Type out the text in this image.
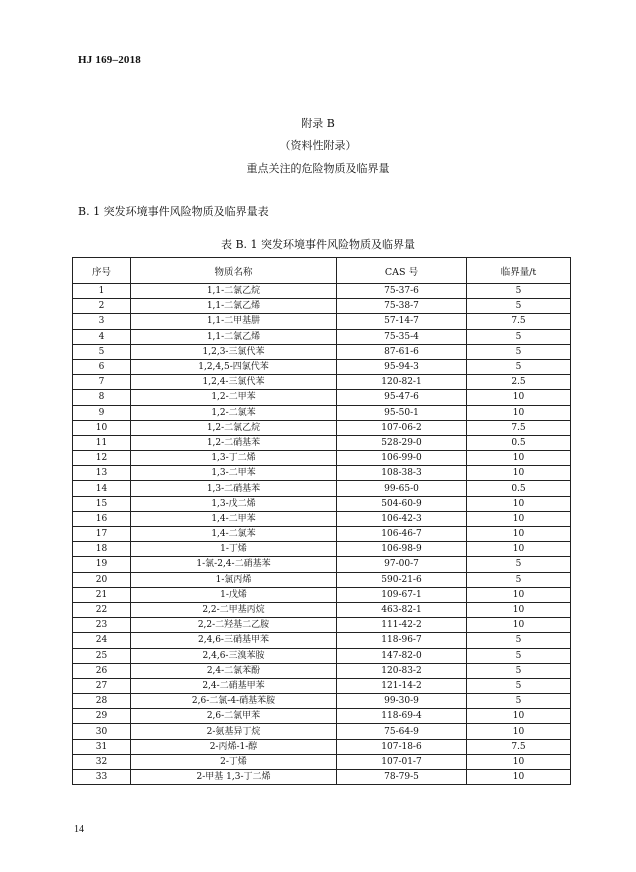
HJ 169–2018
附录 B
（资料性附录）
重点关注的危险物质及临界量
B. 1 突发环境事件风险物质及临界量表
表 B. 1 突发环境事件风险物质及临界量
序号	物质名称	CAS 号	临界量/t
1	1,1-二氯乙烷	75-37-6	5
2	1,1-二氯乙烯	75-38-7	5
3	1,1-二甲基肼	57-14-7	7.5
4	1,1-二氯乙烯	75-35-4	5
5	1,2,3-三氯代苯	87-61-6	5
6	1,2,4,5-四氯代苯	95-94-3	5
7	1,2,4-三氯代苯	120-82-1	2.5
8	1,2-二甲苯	95-47-6	10
9	1,2-二氯苯	95-50-1	10
10	1,2-二氯乙烷	107-06-2	7.5
11	1,2-二硝基苯	528-29-0	0.5
12	1,3-丁二烯	106-99-0	10
13	1,3-二甲苯	108-38-3	10
14	1,3-二硝基苯	99-65-0	0.5
15	1,3-戊二烯	504-60-9	10
16	1,4-二甲苯	106-42-3	10
17	1,4-二氯苯	106-46-7	10
18	1-丁烯	106-98-9	10
19	1-氯-2,4-二硝基苯	97-00-7	5
20	1-氯丙烯	590-21-6	5
21	1-戊烯	109-67-1	10
22	2,2-二甲基丙烷	463-82-1	10
23	2,2-二羟基二乙胺	111-42-2	10
24	2,4,6-三硝基甲苯	118-96-7	5
25	2,4,6-三溴苯胺	147-82-0	5
26	2,4-二氯苯酚	120-83-2	5
27	2,4-二硝基甲苯	121-14-2	5
28	2,6-二氯-4-硝基苯胺	99-30-9	5
29	2,6-二氯甲苯	118-69-4	10
30	2-氨基异丁烷	75-64-9	10
31	2-丙烯-1-醇	107-18-6	7.5
32	2-丁烯	107-01-7	10
33	2-甲基 1,3-丁二烯	78-79-5	10
14
